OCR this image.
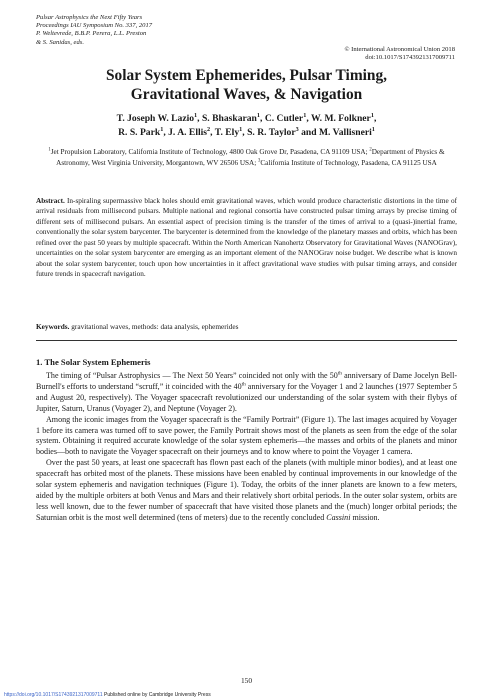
Pulsar Astrophysics the Next Fifty Years
Proceedings IAU Symposium No. 337, 2017
P. Weltevrede, B.B.P. Perera, L.L. Preston
& S. Sanidas, eds.
© International Astronomical Union 2018
doi:10.1017/S1743921317009711
Solar System Ephemerides, Pulsar Timing,
Gravitational Waves, & Navigation
T. Joseph W. Lazio$^1$, S. Bhaskaran$^1$, C. Cutler$^1$, W. M. Folkner$^1$,
R. S. Park$^1$, J. A. Ellis$^2$, T. Ely$^1$, S. R. Taylor$^3$ and M. Vallisneri$^1$
$^1$Jet Propulsion Laboratory, California Institute of Technology, 4800 Oak Grove Dr, Pasadena, CA 91109 USA; $^2$Department of Physics & Astronomy, West Virginia University, Morgantown, WV 26506 USA; $^3$California Institute of Technology, Pasadena, CA 91125 USA
Abstract. In-spiraling supermassive black holes should emit gravitational waves, which would produce characteristic distortions in the time of arrival residuals from millisecond pulsars. Multiple national and regional consortia have constructed pulsar timing arrays by precise timing of different sets of millisecond pulsars. An essential aspect of precision timing is the transfer of the times of arrival to a (quasi-)inertial frame, conventionally the solar system barycenter. The barycenter is determined from the knowledge of the planetary masses and orbits, which has been refined over the past 50 years by multiple spacecraft. Within the North American Nanohertz Observatory for Gravitational Waves (NANOGrav), uncertainties on the solar system barycenter are emerging as an important element of the NANOGrav noise budget. We describe what is known about the solar system barycenter, touch upon how uncertainties in it affect gravitational wave studies with pulsar timing arrays, and consider future trends in spacecraft navigation.
Keywords. gravitational waves, methods: data analysis, ephemerides
1. The Solar System Ephemeris

The timing of “Pulsar Astrophysics — The Next 50 Years” coincided not only with the 50th anniversary of Dame Jocelyn Bell-Burnell's efforts to understand “scruff,” it coincided with the 40th anniversary for the Voyager 1 and 2 launches (1977 September 5 and August 20, respectively). The Voyager spacecraft revolutionized our understanding of the solar system with their flybys of Jupiter, Saturn, Uranus (Voyager 2), and Neptune (Voyager 2).

Among the iconic images from the Voyager spacecraft is the “Family Portrait” (Figure 1). The last images acquired by Voyager 1 before its camera was turned off to save power, the Family Portrait shows most of the planets as seen from the edge of the solar system. Obtaining it required accurate knowledge of the solar system ephemeris—the masses and orbits of the planets and minor bodies—both to navigate the Voyager spacecraft on their journeys and to know where to point the Voyager 1 camera.

Over the past 50 years, at least one spacecraft has flown past each of the planets (with multiple minor bodies), and at least one spacecraft has orbited most of the planets. These missions have been enabled by continual improvements in our knowledge of the solar system ephemeris and navigation techniques (Figure 1). Today, the orbits of the inner planets are known to a few meters, aided by the multiple orbiters at both Venus and Mars and their relatively short orbital periods. In the outer solar system, orbits are less well known, due to the fewer number of spacecraft that have visited those planets and the (much) longer orbital periods; the Saturnian orbit is the most well determined (tens of meters) due to the recently concluded Cassini mission.

150
https://doi.org/10.1017/S1743921317009711 Published online by Cambridge University Press
